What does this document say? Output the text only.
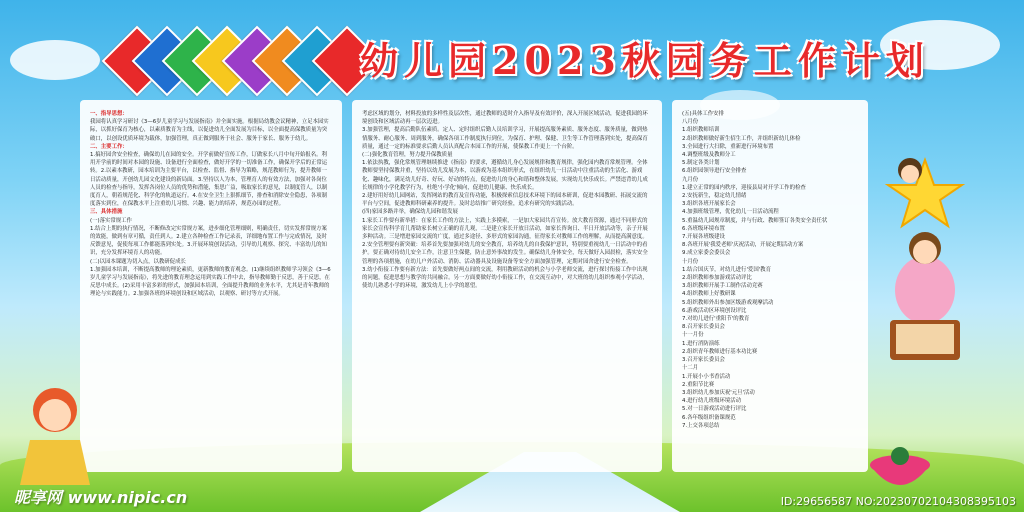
幼儿园2023秋园务工作计划

一、指导思想：

我园将认真学习研讨《3—6岁儿童学习与发展指南》并全面实施。根据局幼教会议精神，立足本园实际，以抓好保育为核心，以素质教育为主线，以促进幼儿全面发展为目标，以全面提高保教质量为突破口，以创设优质环境为载体，加强管理，真正做到服务于社会、服务于家长、服务于幼儿。

二、主要工作：

1.搞好园舍安全检查，确保幼儿在园的安全。开学前做好宣传工作，订做家长八月中旬开始报名。利用开学前的时间对本园的设施、设备进行全面检查，做好开学的一切准备工作，确保开学后的正常运转。2.以素本教研，园本培训为主要平台，以检查、监督、指导为策略，规范教师行为，提升教师一日活动质量，开创幼儿园文化建设的新局面。3.坚持以人为本，管理育人的有效方法，加强对各岗位人员的检查与指导，发挥各岗位人员的优势和潜能，集思广益，吸取家长的意见，以制度管人，以制度育人，朝着规范化、科学化的轨道运行。4.在安全卫生上狠抓细节，排查和消除安全隐患，各项制度落实到位，在保教水平上注重幼儿习惯、兴趣、能力的培养，规范办园的过程。

三、具体措施

(一)落实常规工作

1.结合上期的执行情况，不断修改完实常规方案，进步细化管理细则，明确责任，切实发挥常规方案的效能，做到有章可循，责任到人。2.建立各种检查工作记录表，详细地布置工作与完成情况，及时反馈意见，促使每项工作都能落到实处。3.开展环境创设活动，引导幼儿观察、探究、丰富幼儿的知识，充分发挥环境育人的功能。

(二)以园本课题为切入点，以教研促成长

1.加强园本培训，不断提高教师的理论素质，更新教师的教育观念。(1)继续组织教师学习领会《3—6岁儿童学习与发展指南》，将先进的教育理念运用到实践工作中去，指导教师勤于反思，善于反思，在反思中成长。(2)采用丰富多彩的形式，加强园本培训，全面提升教师的业务水平，尤其是青年教师的理论与实践能力。2.加强各班的环境创设和区域活动，以观察、研讨等方式开展。

考虑区域的划分，材料投放的多样性及层次性，通过教师的适时介入指导及有效评价，深入开展区域活动，促进我园的环境创设和区域活动再一层次迈进。

3.加强管理，提高后勤队伍素质。定人、定时组织后勤人员培训学习，开展提高服务素质、服务态度、服务质量，做到热情服务、耐心服务、周到服务，确保各项工作制度执行到位，为保育、护理、保健、卫生等工作管理落到实处，提高保育质量，通过一定的标准要求后勤人员认真配合本园工作的开展，使保教工作更上一个台阶。

(二)强化教育管理，努力提升保教质量

1.依法执教，强化常规管理继续推进《指南》的要求，遵循幼儿身心发展规律和教育规律，强化园内教育常规管理。全体教师要坚持保教并重，坚持以幼儿发展为本，以游戏为基本组织形式，在组织幼儿一日活动中注重活动的生活化、游戏化、趣味化，满足幼儿好奇、好玩、好动的特点，促进幼儿的身心和谐和整体发展，实现幼儿快乐成长。严禁违背幼儿成长规律的小学化教学行为，杜绝'小学化'倾向，促进幼儿健康、快乐成长。

2.建好用好幼儿园网站，发挥网站的教育及宣传功能，积极探索信息技术环境下的园本研训，促进本园教研、拓展交流的平台与空间，促进教师科研素养的提升。及时总结推广研究经验，追求有研究的实践活动。

(四)家园多路并举，确保幼儿园和谐发展

1.家长工作要有新举措：在家长工作的方法上，实践上多摸索，一是加大家园共育宣传。放大教育资源，通过不同形式的家长会宣传科学育儿帮助家长树立正确的育儿观，二是建立家长开放日活动，如家长咨询日、半日开放活动等，亲子开展多种活动。三是增进家园交流的广度，通过多途径、多形式的家园沟通，征得家长对教师工作的理解，从而提高满意度。

2.安全管理要有新突破：培养首先要加强对幼儿的安全教育，培养幼儿的自我保护意识，特别要重视幼儿一日活动中的看护。要正确对待幼儿安全工作，注意卫生保健，防止意外事故的发生。确保幼儿身体安全，每天做好入园晨检，落实安全管理的各项措施，在幼儿户外活动、消防、活动器具及设施设备等安全方面加强管理，定期对园舍进行安全检查。

3.幼小衔接工作要有新方法：首先要做好两点间的交流，利用教研活动的机会与小学老师交流，进行探讨衔接工作中出现的问题，促进思想与教学的共同融合。另一方面要做好幼小衔接工作，在交流互动中，对大班的幼儿组织参观小学活动，使幼儿熟悉小学的环境，激发幼儿上小学的愿望。

(五)具体工作安排

八月份

1.组织教师培训

2.组织教师做好新生招生工作，并组织新幼儿体检

3.全园进行大扫除，重新进行环境布置

4.调整班级及教师分工

5.制定各类计划

6.组织园领导进行安全排查

九月份

1.建立正常的园内秩序，迎接县局对开学工作的检查

2.安抚新生，稳定幼儿情绪

3.组织各班开展家长会

4.加强班级管理，优化幼儿一日活动流程

5.重温幼儿园规章制度，并与行政、教师签订各类安全责任状

6.各班级环境布置

7.开展各班级建设

8.各班开展'我爱老师'庆祝活动，开展定期活动方案

9.成立家委会委员会

十月份

1.结合国庆节，对幼儿进行'爱国'教育

2.组织教师参加游戏活动评比

3.组织教师开展手工制作活动竞赛

4.组织教师上好教研课

5.组织教师外出参加区级游戏观摩活动

6.游戏活动区环境创设评比

7.对幼儿进行'重阳节'的教育

8.召开家长委员会

十一月份

1.进行消防演练

2.组织青年教师进行基本功比赛

3.召开家长委员会

十二月

1.开展小小书香活动

2.重阳节比赛

3.组织幼儿参加庆祝'元旦'活动

4.进行幼儿班级环境活动

5.对一日游戏活动进行评比

6.各年级组织备课规范

7.上交各项总结

昵享网 www.nipic.cn	ID:29656587 NO:20230702104308395103
